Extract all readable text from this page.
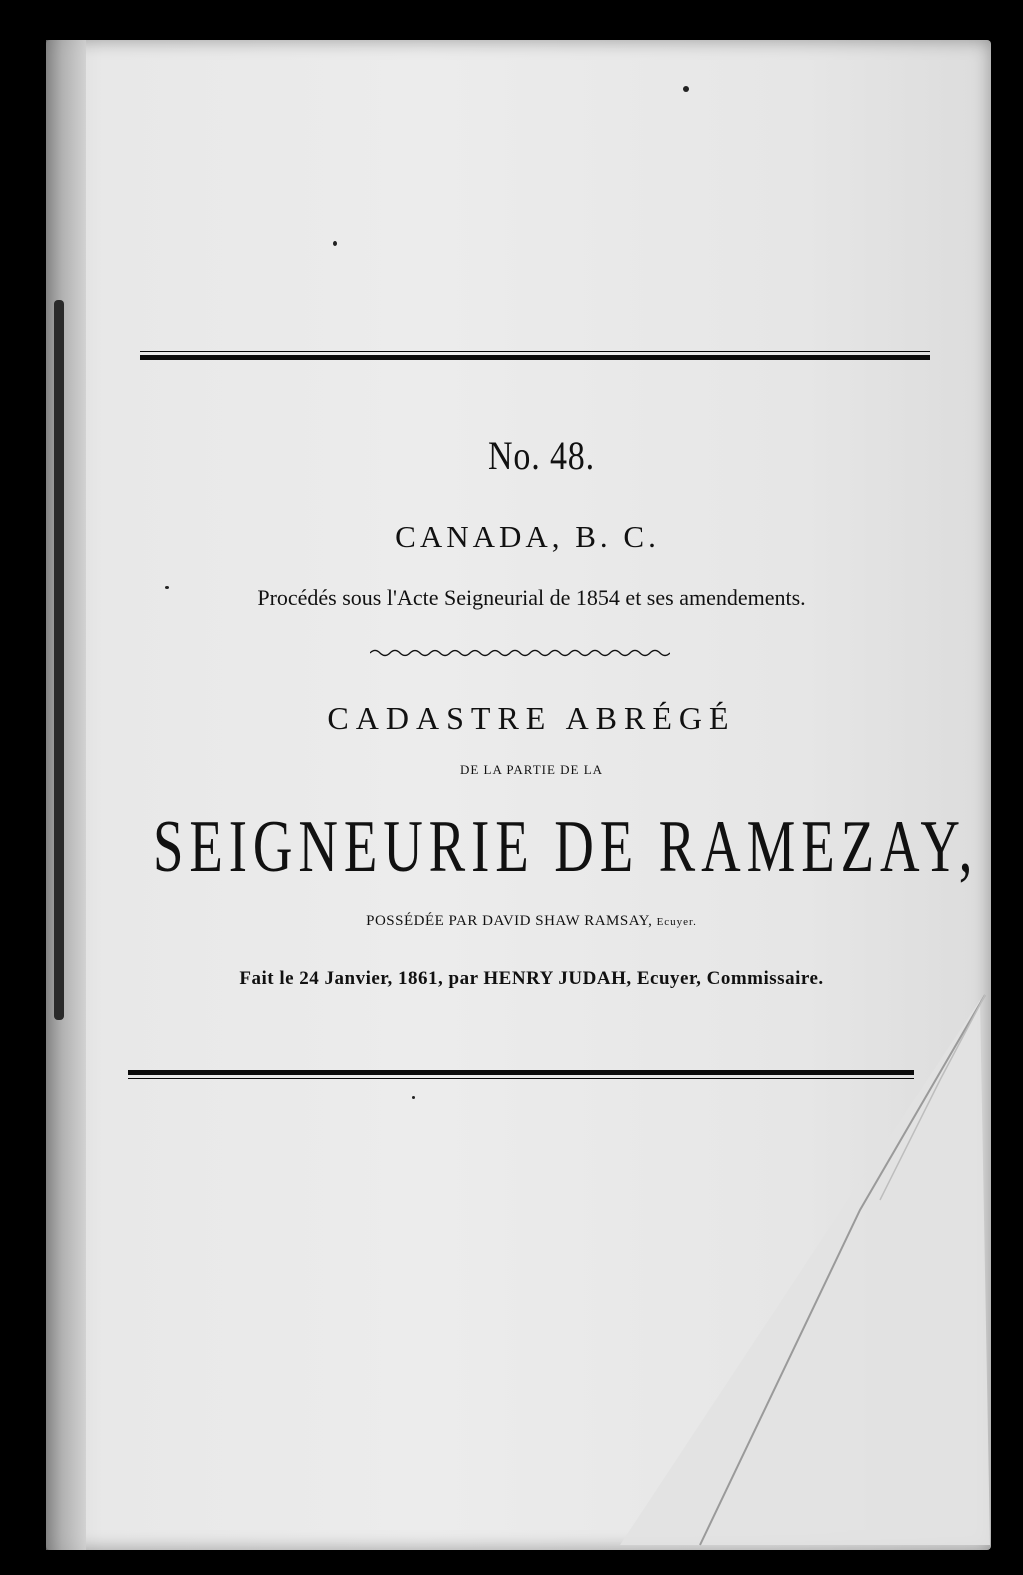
No. 48.
CANADA, B. C.
Procédés sous l'Acte Seigneurial de 1854 et ses amendements.
CADASTRE ABRÉGÉ
DE LA PARTIE DE LA
SEIGNEURIE DE RAMEZAY,
POSSÉDÉE PAR DAVID SHAW RAMSAY, Ecuyer.
Fait le 24 Janvier, 1861, par HENRY JUDAH, Ecuyer, Commissaire.
